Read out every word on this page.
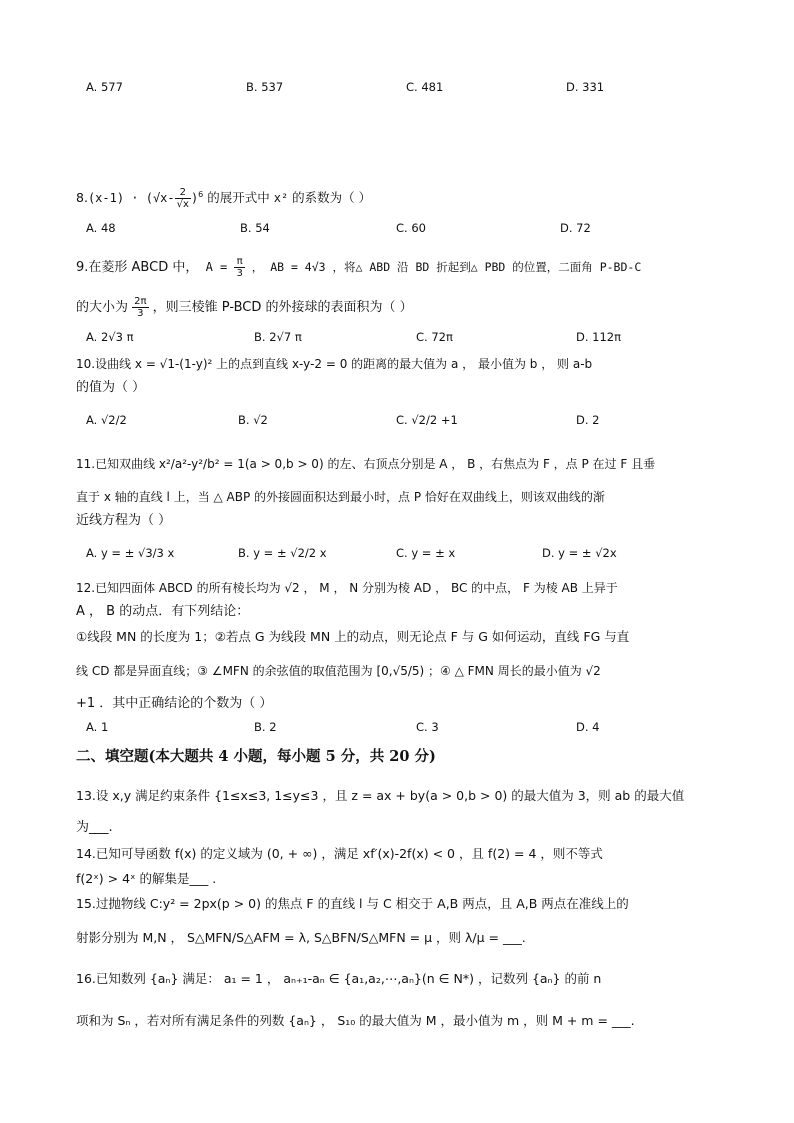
A. 577	B. 537	C. 481	D. 331
$8.(x-1) \cdot (√x- \frac{2}{√x} )^6$ 的展开式中 x² 的系数为（ ）
A. 48	B. 54	C. 60	D. 72
9.在菱形 ABCD 中， $A = \frac{\pi}{3}$ ， AB = 4√3 ，将△ ABD 沿 BD 折起到△ PBD 的位置，二面角 P-BD-C
的大小为 $\frac{2\pi}{3}$ ，则三棱锥 P-BCD 的外接球的表面积为（ ）
A. 2√3 π	B. 2√7 π	C. 72π	D. 112π
10.设曲线 x = √1-(1-y)² 上的点到直线 x-y-2 = 0 的距离的最大值为 a ， 最小值为 b ， 则 a-b
的值为（ ）
A. √2/2	B. √2	C. √2/2 +1	D. 2
11.已知双曲线 x²/a²-y²/b² = 1(a > 0,b > 0) 的左、右顶点分别是 A ， B ，右焦点为 F ，点 P 在过 F 且垂
直于 x 轴的直线 l 上，当 △ ABP 的外接圆面积达到最小时，点 P 恰好在双曲线上，则该双曲线的渐
近线方程为（ ）
A. y = ± √3/3 x	B. y = ± √2/2 x	C. y = ± x	D. y = ± √2x
12.已知四面体 ABCD 的所有棱长均为 √2 ， M ， N 分别为棱 AD ， BC 的中点， F 为棱 AB 上异于
A ， B 的动点．有下列结论：
①线段 MN 的长度为 1；②若点 G 为线段 MN 上的动点，则无论点 F 与 G 如何运动，直线 FG 与直
线 CD 都是异面直线；③ ∠MFN 的余弦值的取值范围为 [0,√5/5) ；④ △ FMN 周长的最小值为 √2
+1 ．其中正确结论的个数为（ ）
A. 1	B. 2	C. 3	D. 4
二、填空题(本大题共 4 小题，每小题 5 分，共 20 分)
13.设 x,y 满足约束条件 {1≤x≤3, 1≤y≤3 ，且 z = ax + by(a > 0,b > 0) 的最大值为 3，则 ab 的最大值
为___.
14.已知可导函数 f(x) 的定义域为 (0, + ∞) ，满足 xf′(x)-2f(x) < 0 ，且 f(2) = 4 ，则不等式
f(2ˣ) > 4ˣ 的解集是___ .
15.过抛物线 C:y² = 2px(p > 0) 的焦点 F 的直线 l 与 C 相交于 A,B 两点，且 A,B 两点在准线上的
射影分别为 M,N ， S△MFN/S△AFM = λ, S△BFN/S△MFN = μ ，则 λ/μ = ___.
16.已知数列 {aₙ} 满足： a₁ = 1 ， aₙ₊₁-aₙ ∈ {a₁,a₂,⋯,aₙ}(n ∈ N*) ，记数列 {aₙ} 的前 n
项和为 Sₙ ，若对所有满足条件的列数 {aₙ} ， S₁₀ 的最大值为 M ，最小值为 m ，则 M + m = ___.
